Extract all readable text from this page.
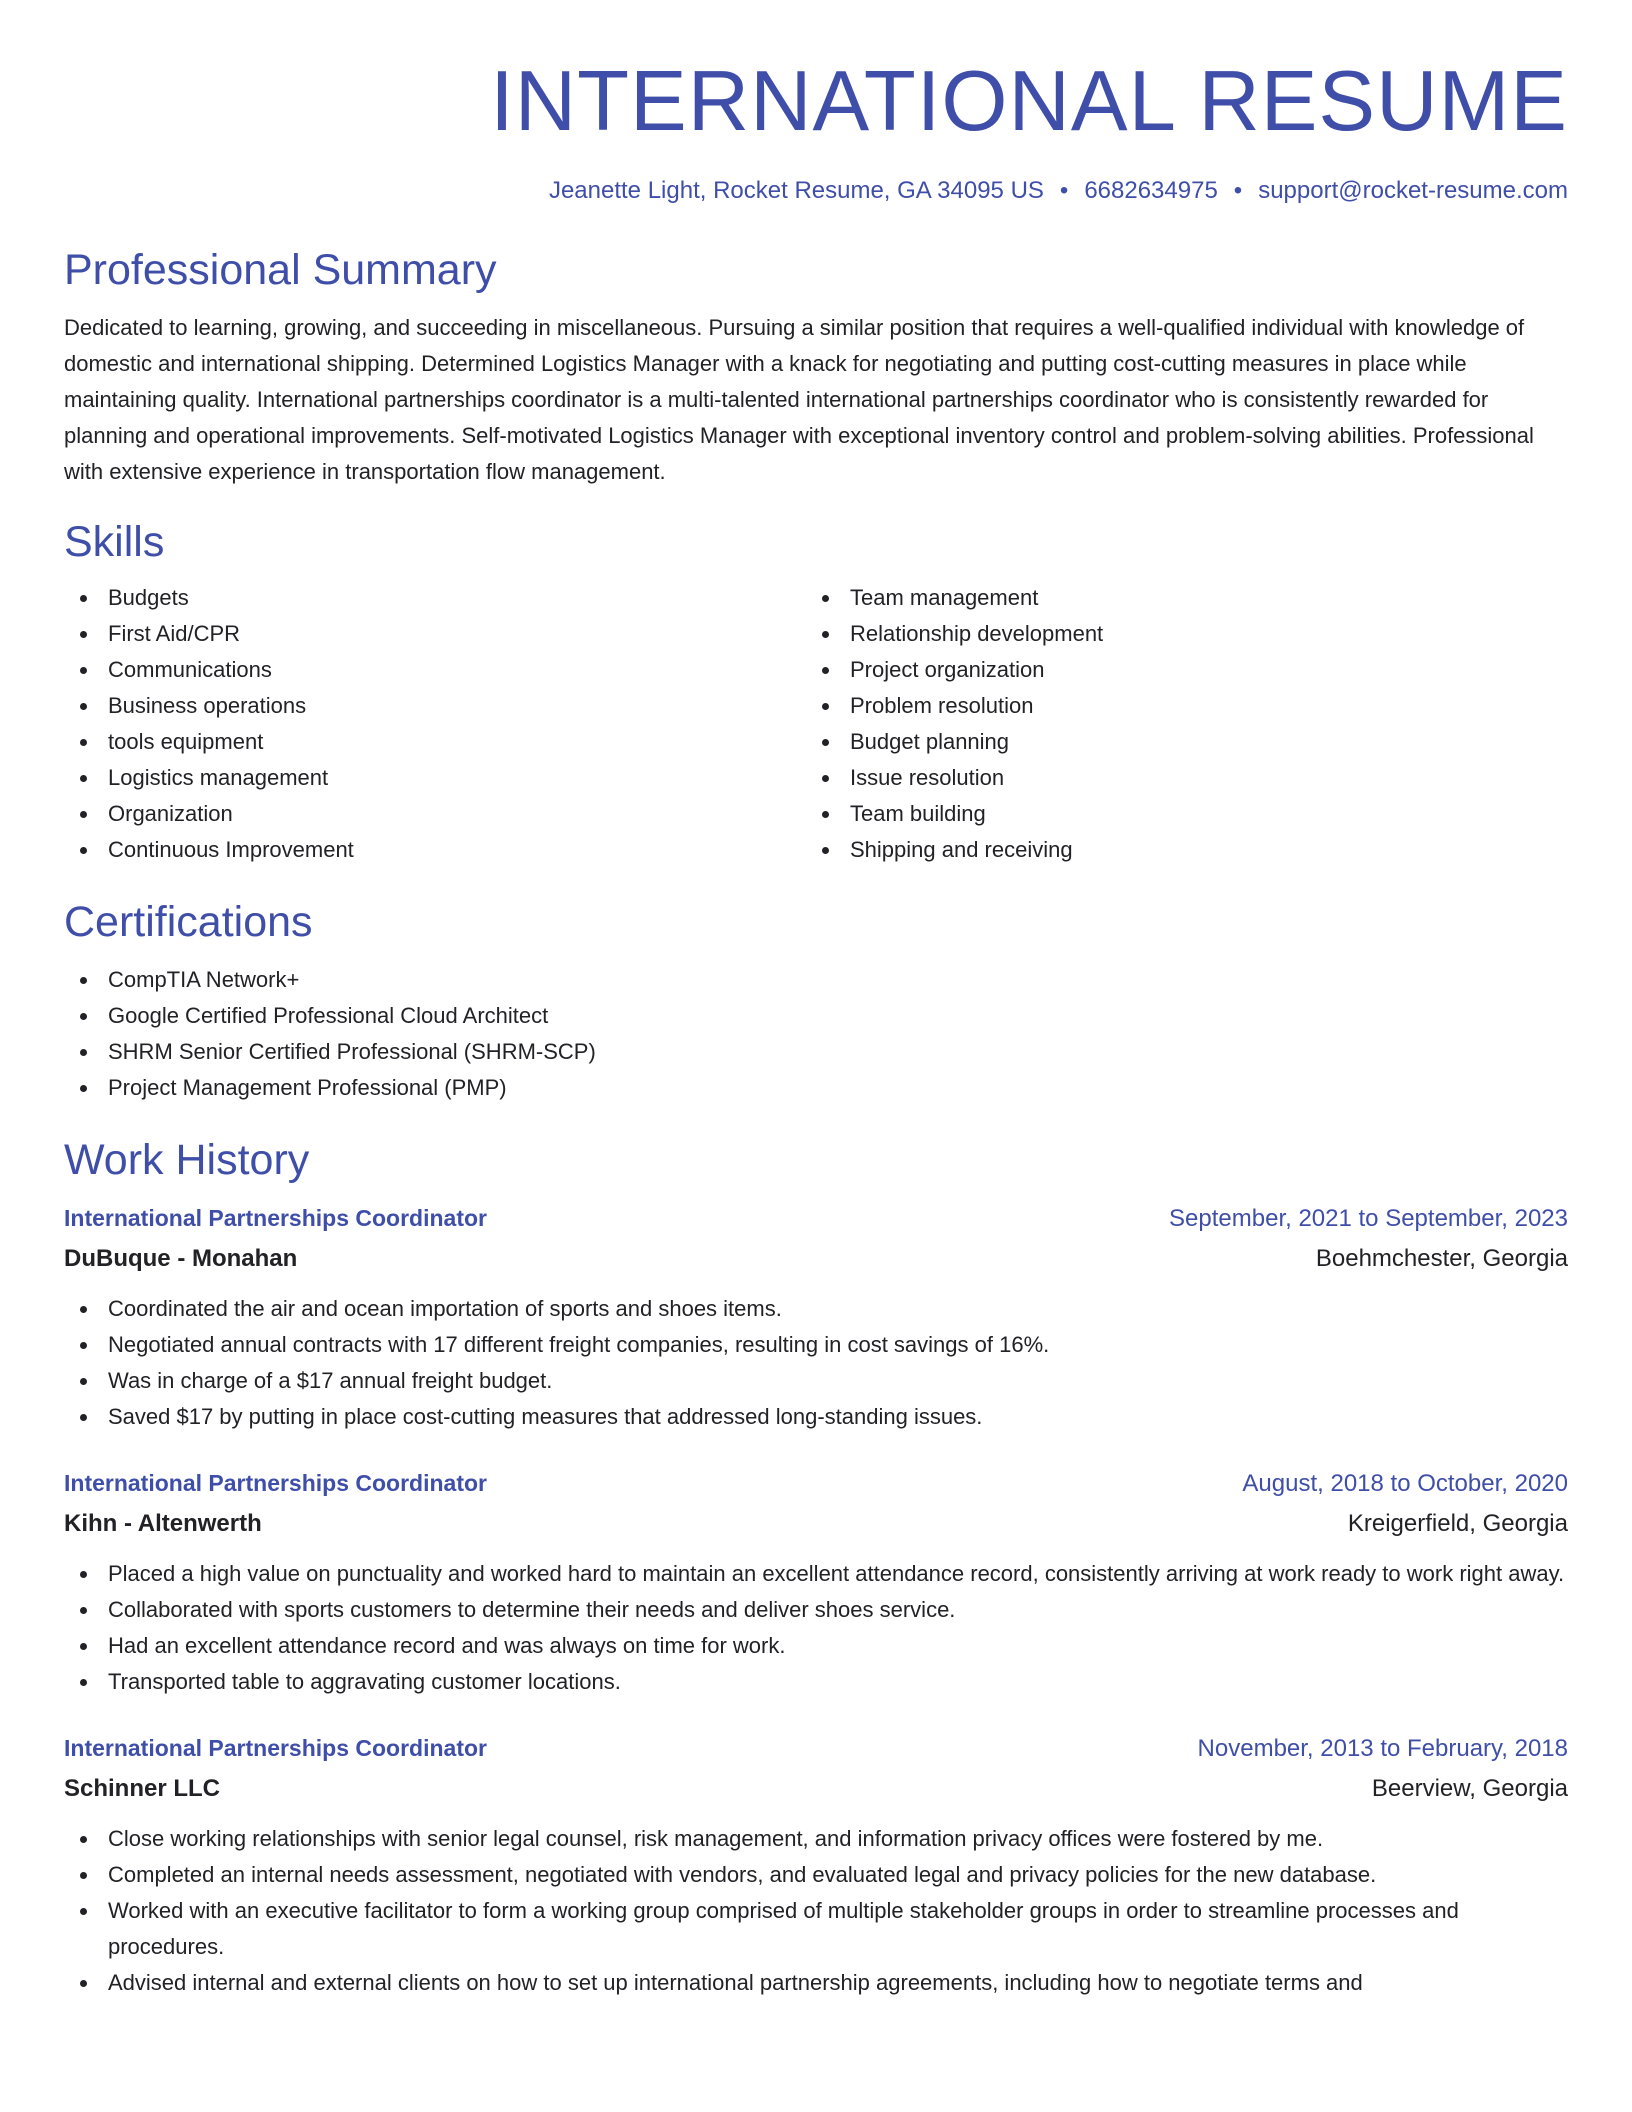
INTERNATIONAL RESUME
Jeanette Light, Rocket Resume, GA 34095 US • 6682634975 • support@rocket-resume.com
Professional Summary

Dedicated to learning, growing, and succeeding in miscellaneous. Pursuing a similar position that requires a well-qualified individual with knowledge of domestic and international shipping. Determined Logistics Manager with a knack for negotiating and putting cost-cutting measures in place while maintaining quality. International partnerships coordinator is a multi-talented international partnerships coordinator who is consistently rewarded for planning and operational improvements. Self-motivated Logistics Manager with exceptional inventory control and problem-solving abilities. Professional with extensive experience in transportation flow management.

Skills
Budgets
First Aid/CPR
Communications
Business operations
tools equipment
Logistics management
Organization
Continuous Improvement
Team management
Relationship development
Project organization
Problem resolution
Budget planning
Issue resolution
Team building
Shipping and receiving
Certifications
CompTIA Network+
Google Certified Professional Cloud Architect
SHRM Senior Certified Professional (SHRM-SCP)
Project Management Professional (PMP)
Work History
International Partnerships Coordinator	September, 2021 to September, 2023
DuBuque - Monahan	Boehmchester, Georgia
Coordinated the air and ocean importation of sports and shoes items.
Negotiated annual contracts with 17 different freight companies, resulting in cost savings of 16%.
Was in charge of a $17 annual freight budget.
Saved $17 by putting in place cost-cutting measures that addressed long-standing issues.
International Partnerships Coordinator	August, 2018 to October, 2020
Kihn - Altenwerth	Kreigerfield, Georgia
Placed a high value on punctuality and worked hard to maintain an excellent attendance record, consistently arriving at work ready to work right away.
Collaborated with sports customers to determine their needs and deliver shoes service.
Had an excellent attendance record and was always on time for work.
Transported table to aggravating customer locations.
International Partnerships Coordinator	November, 2013 to February, 2018
Schinner LLC	Beerview, Georgia
Close working relationships with senior legal counsel, risk management, and information privacy offices were fostered by me.
Completed an internal needs assessment, negotiated with vendors, and evaluated legal and privacy policies for the new database.
Worked with an executive facilitator to form a working group comprised of multiple stakeholder groups in order to streamline processes and procedures.
Advised internal and external clients on how to set up international partnership agreements, including how to negotiate terms and
